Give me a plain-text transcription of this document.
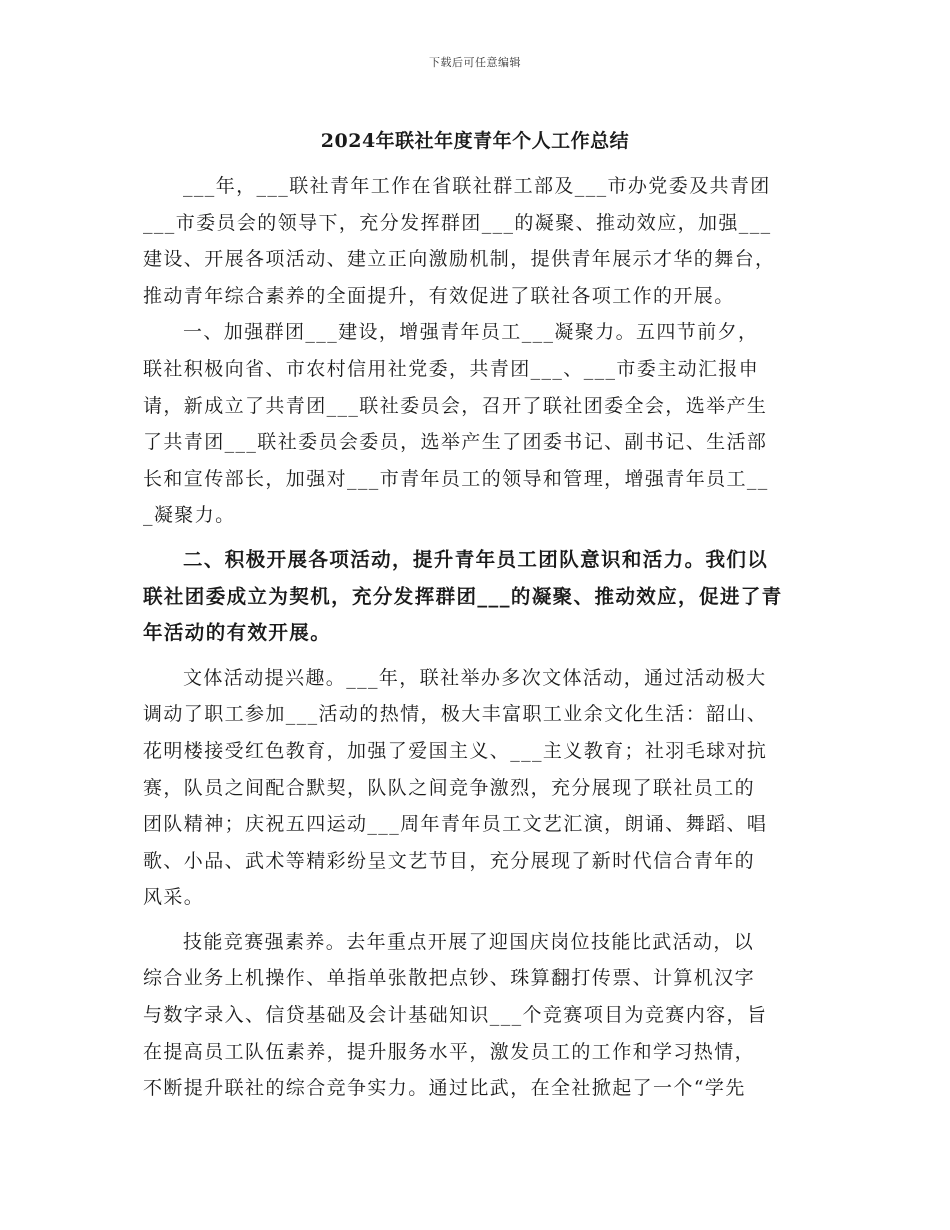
下载后可任意编辑
2024年联社年度青年个人工作总结
___年，___联社青年工作在省联社群工部及___市办党委及共青团
___市委员会的领导下，充分发挥群团___的凝聚、推动效应，加强___
建设、开展各项活动、建立正向激励机制，提供青年展示才华的舞台，
推动青年综合素养的全面提升，有效促进了联社各项工作的开展。
一、加强群团___建设，增强青年员工___凝聚力。五四节前夕，
联社积极向省、市农村信用社党委，共青团___、___市委主动汇报申
请，新成立了共青团___联社委员会，召开了联社团委全会，选举产生
了共青团___联社委员会委员，选举产生了团委书记、副书记、生活部
长和宣传部长，加强对___市青年员工的领导和管理，增强青年员工__
_凝聚力。
二、积极开展各项活动，提升青年员工团队意识和活力。我们以
联社团委成立为契机，充分发挥群团___的凝聚、推动效应，促进了青
年活动的有效开展。
文体活动提兴趣。___年，联社举办多次文体活动，通过活动极大
调动了职工参加___活动的热情，极大丰富职工业余文化生活：韶山、
花明楼接受红色教育，加强了爱国主义、___主义教育；社羽毛球对抗
赛，队员之间配合默契，队队之间竞争激烈，充分展现了联社员工的
团队精神；庆祝五四运动___周年青年员工文艺汇演，朗诵、舞蹈、唱
歌、小品、武术等精彩纷呈文艺节目，充分展现了新时代信合青年的
风采。
技能竞赛强素养。去年重点开展了迎国庆岗位技能比武活动，以
综合业务上机操作、单指单张散把点钞、珠算翻打传票、计算机汉字
与数字录入、信贷基础及会计基础知识___个竞赛项目为竞赛内容，旨
在提高员工队伍素养，提升服务水平，激发员工的工作和学习热情，
不断提升联社的综合竞争实力。通过比武，在全社掀起了一个“学先
